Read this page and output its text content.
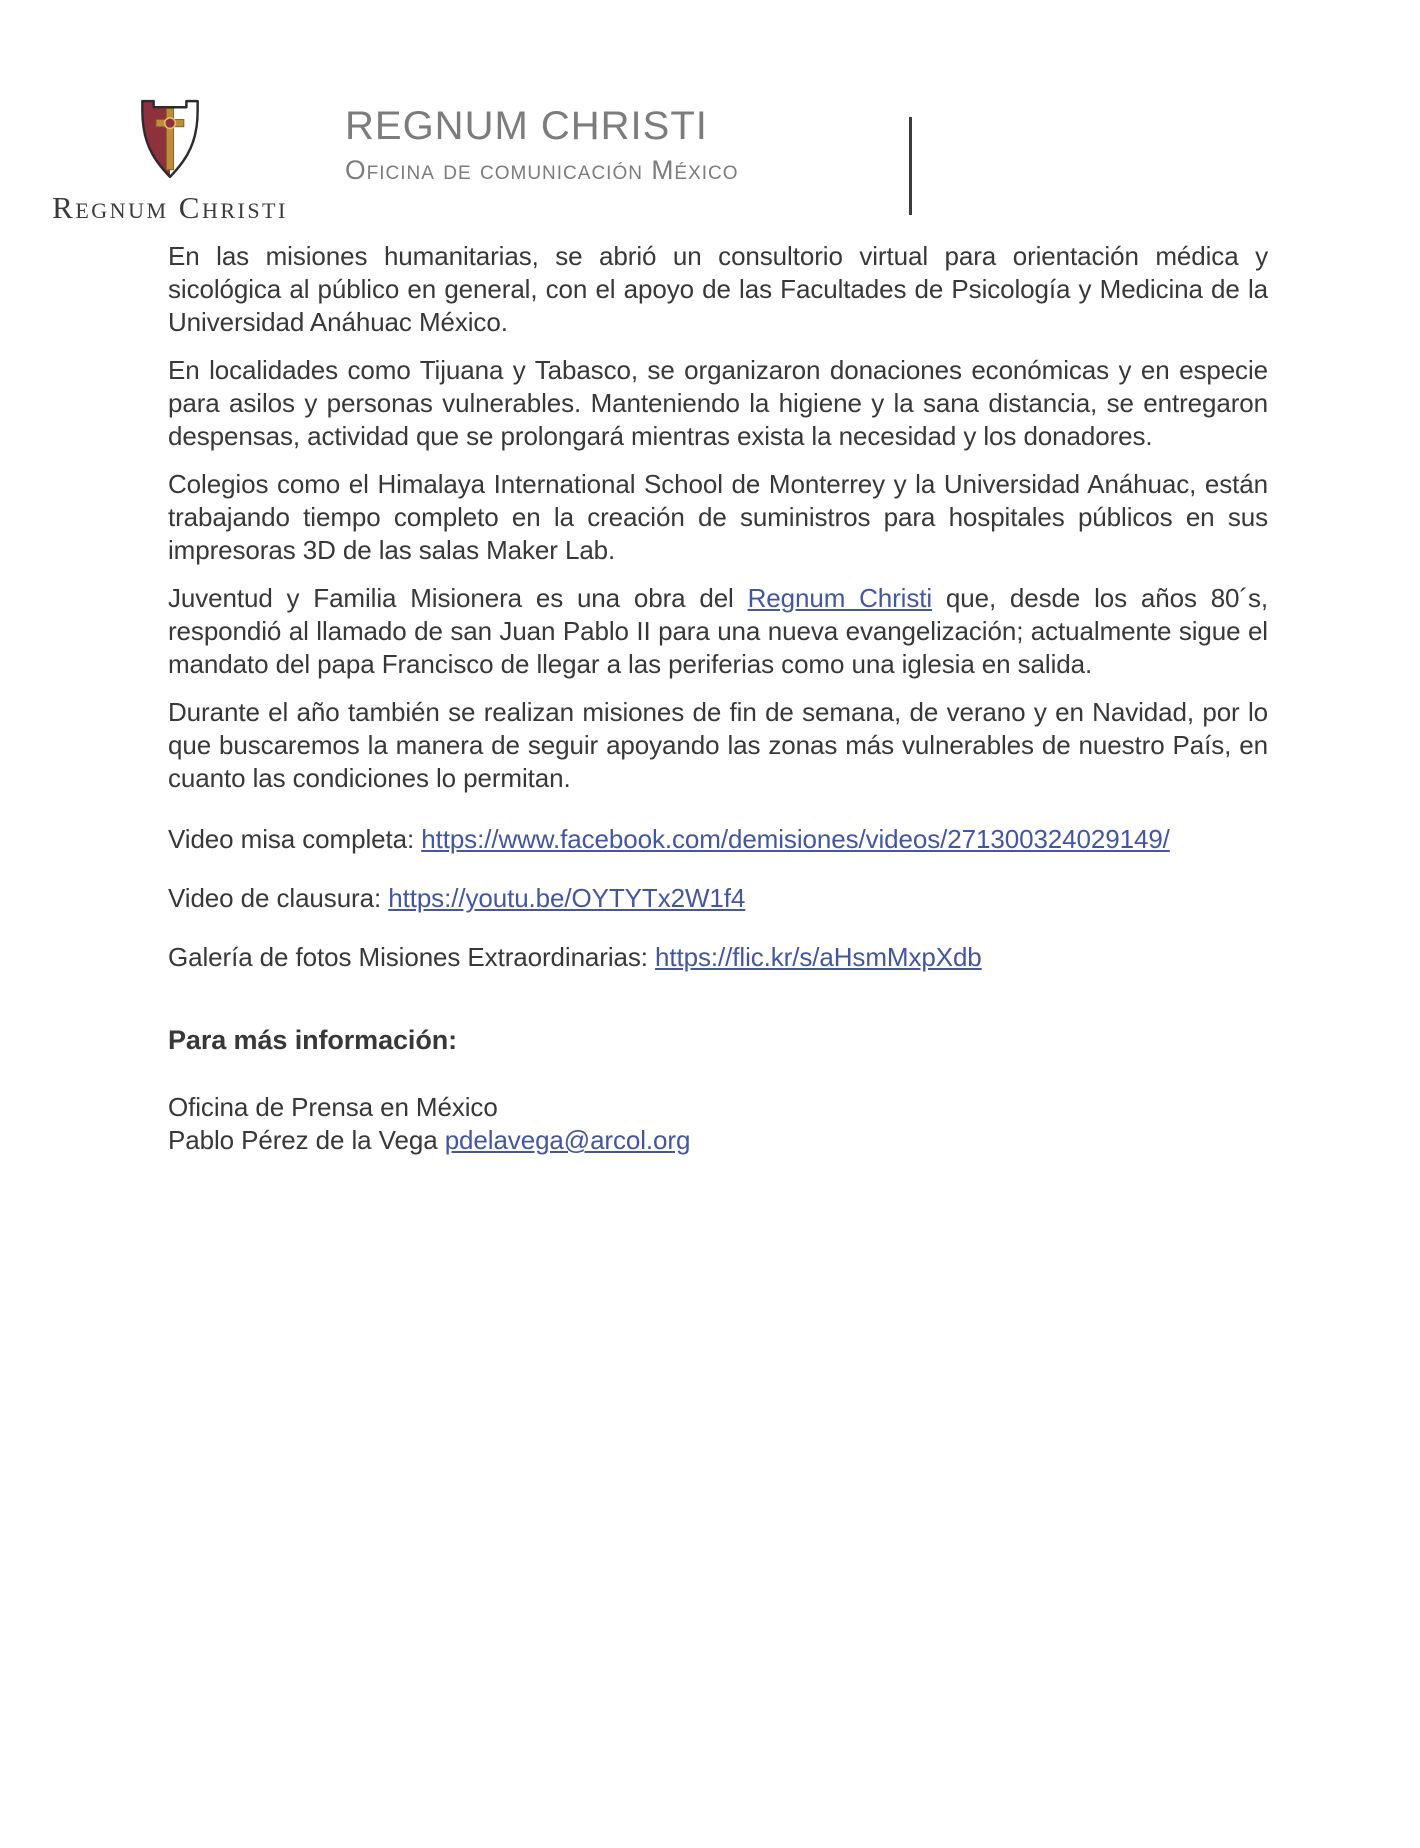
Regnum Christi
REGNUM CHRISTI
Oficina de comunicación México

En las misiones humanitarias, se abrió un consultorio virtual para orientación médica y sicológica al público en general, con el apoyo de las Facultades de Psicología y Medicina de la Universidad Anáhuac México.

En localidades como Tijuana y Tabasco, se organizaron donaciones económicas y en especie para asilos y personas vulnerables. Manteniendo la higiene y la sana distancia, se entregaron despensas, actividad que se prolongará mientras exista la necesidad y los donadores.

Colegios como el Himalaya International School de Monterrey y la Universidad Anáhuac, están trabajando tiempo completo en la creación de suministros para hospitales públicos en sus impresoras 3D de las salas Maker Lab.

Juventud y Familia Misionera es una obra del Regnum Christi que, desde los años 80´s, respondió al llamado de san Juan Pablo II para una nueva evangelización; actualmente sigue el mandato del papa Francisco de llegar a las periferias como una iglesia en salida.

Durante el año también se realizan misiones de fin de semana, de verano y en Navidad, por lo que buscaremos la manera de seguir apoyando las zonas más vulnerables de nuestro País, en cuanto las condiciones lo permitan.

Video misa completa: https://www.facebook.com/demisiones/videos/271300324029149/
Video de clausura: https://youtu.be/OYTYTx2W1f4
Galería de fotos Misiones Extraordinarias: https://flic.kr/s/aHsmMxpXdb
Para más información:
Oficina de Prensa en México
Pablo Pérez de la Vega pdelavega@arcol.org
